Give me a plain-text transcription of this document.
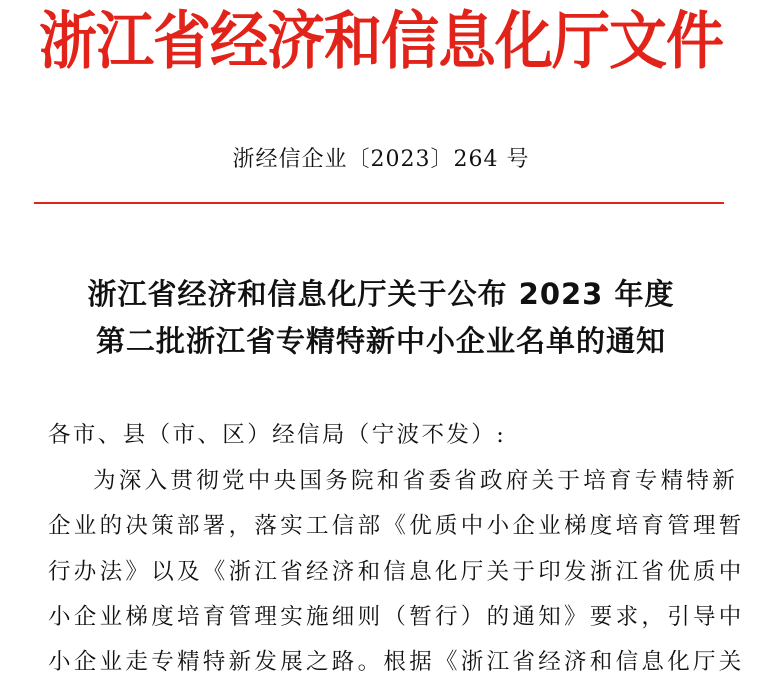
浙江省经济和信息化厅文件
浙经信企业〔2023〕264 号
浙江省经济和信息化厅关于公布 2023 年度
第二批浙江省专精特新中小企业名单的通知
各市、县（市、区）经信局（宁波不发）:
为深入贯彻党中央国务院和省委省政府关于培育专精特新
企业的决策部署，落实工信部《优质中小企业梯度培育管理暂
行办法》以及《浙江省经济和信息化厅关于印发浙江省优质中
小企业梯度培育管理实施细则（暂行）的通知》要求，引导中
小企业走专精特新发展之路。根据《浙江省经济和信息化厅关
